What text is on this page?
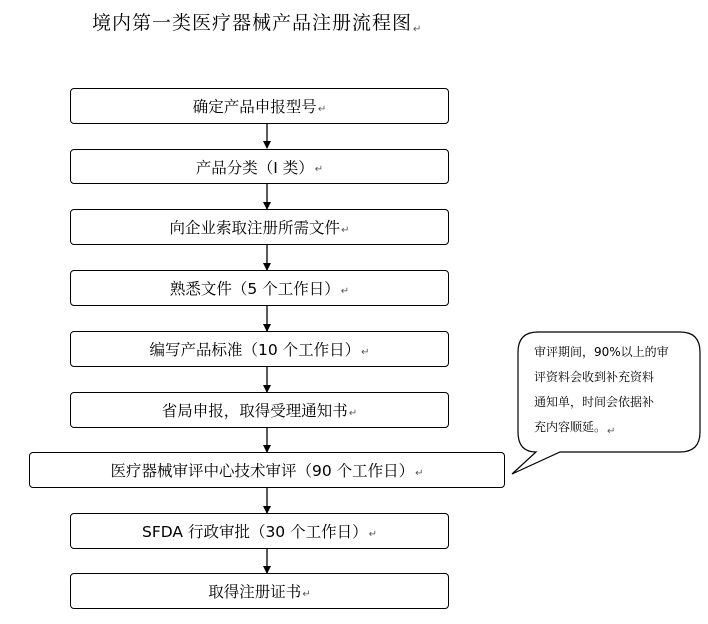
境内第一类医疗器械产品注册流程图↵
确定产品申报型号 ↵
产品分类（I 类） ↵
向企业索取注册所需文件 ↵
熟悉文件（5 个工作日） ↵
编写产品标准（10 个工作日） ↵
省局申报，取得受理通知书 ↵
医疗器械审评中心技术审评（90 个工作日） ↵
SFDA 行政审批（30 个工作日） ↵
取得注册证书 ↵
审评期间，90%以上的审
评资料会收到补充资料
通知单，时间会依据补
充内容顺延。$_↵$
